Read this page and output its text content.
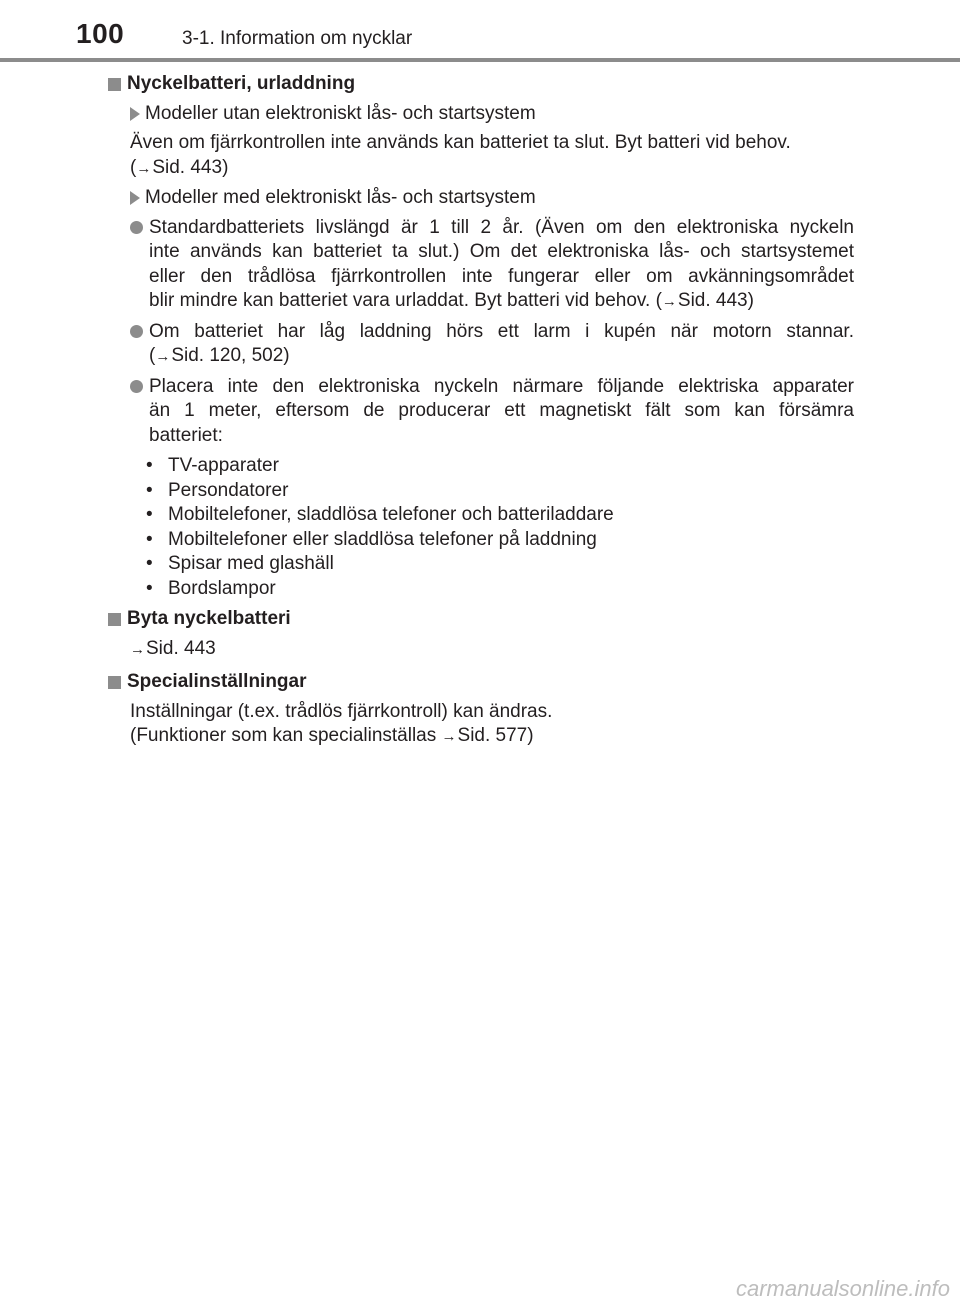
100	3-1. Information om nycklar
Nyckelbatteri, urladdning
Modeller utan elektroniskt lås- och startsystem
Även om fjärrkontrollen inte används kan batteriet ta slut. Byt batteri vid behov.
(→Sid. 443)
Modeller med elektroniskt lås- och startsystem
Standardbatteriets livslängd är 1 till 2 år. (Även om den elektroniska nyckeln
inte används kan batteriet ta slut.) Om det elektroniska lås- och startsystemet
eller den trådlösa fjärrkontrollen inte fungerar eller om avkänningsområdet
blir mindre kan batteriet vara urladdat. Byt batteri vid behov. (→Sid. 443)
Om batteriet har låg laddning hörs ett larm i kupén när motorn stannar.
(→Sid. 120, 502)
Placera inte den elektroniska nyckeln närmare följande elektriska apparater
än 1 meter, eftersom de producerar ett magnetiskt fält som kan försämra
batteriet:
• TV-apparater
• Persondatorer
• Mobiltelefoner, sladdlösa telefoner och batteriladdare
• Mobiltelefoner eller sladdlösa telefoner på laddning
• Spisar med glashäll
• Bordslampor
Byta nyckelbatteri
→Sid. 443
Specialinställningar
Inställningar (t.ex. trådlös fjärrkontroll) kan ändras.
(Funktioner som kan specialinställas →Sid. 577)
carmanualsonline.info
